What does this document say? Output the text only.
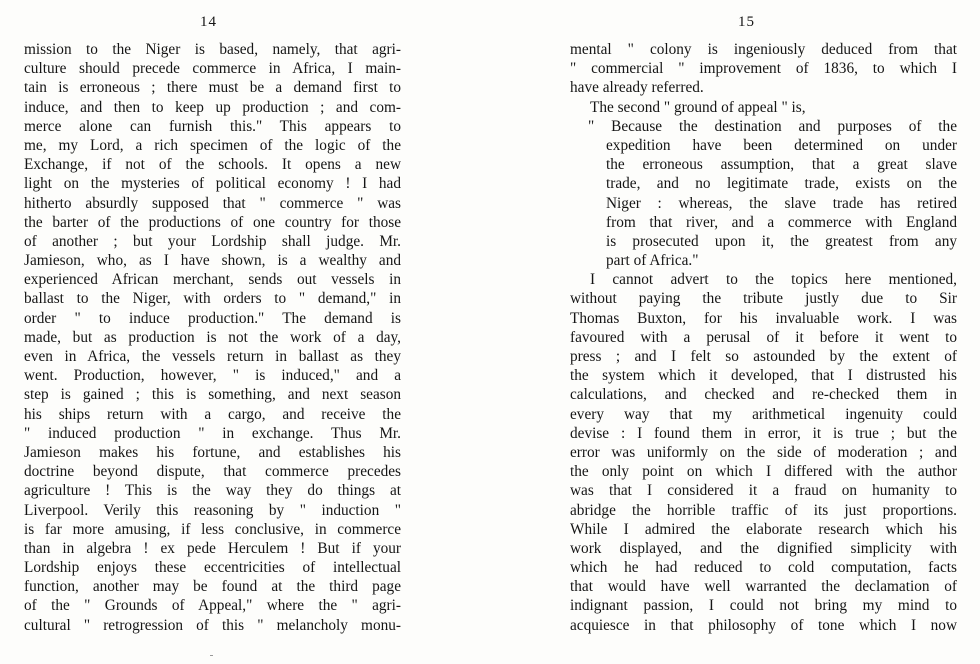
14
mission to the Niger is based, namely, that agri-
culture should precede commerce in Africa, I main-
tain is erroneous ; there must be a demand first to
induce, and then to keep up production ; and com-
merce alone can furnish this." This appears to
me, my Lord, a rich specimen of the logic of the
Exchange, if not of the schools. It opens a new
light on the mysteries of political economy ! I had
hitherto absurdly supposed that " commerce " was
the barter of the productions of one country for those
of another ; but your Lordship shall judge. Mr.
Jamieson, who, as I have shown, is a wealthy and
experienced African merchant, sends out vessels in
ballast to the Niger, with orders to " demand," in
order " to induce production." The demand is
made, but as production is not the work of a day,
even in Africa, the vessels return in ballast as they
went. Production, however, " is induced," and a
step is gained ; this is something, and next season
his ships return with a cargo, and receive the
" induced production " in exchange. Thus Mr.
Jamieson makes his fortune, and establishes his
doctrine beyond dispute, that commerce precedes
agriculture ! This is the way they do things at
Liverpool. Verily this reasoning by " induction "
is far more amusing, if less conclusive, in commerce
than in algebra ! ex pede Herculem ! But if your
Lordship enjoys these eccentricities of intellectual
function, another may be found at the third page
of the " Grounds of Appeal," where the " agri-
cultural " retrogression of this " melancholy monu-
15
mental " colony is ingeniously deduced from that
" commercial " improvement of 1836, to which I
have already referred.
The second " ground of appeal " is,
" Because the destination and purposes of the
expedition have been determined on under
the erroneous assumption, that a great slave
trade, and no legitimate trade, exists on the
Niger : whereas, the slave trade has retired
from that river, and a commerce with England
is prosecuted upon it, the greatest from any
part of Africa."
I cannot advert to the topics here mentioned,
without paying the tribute justly due to Sir
Thomas Buxton, for his invaluable work. I was
favoured with a perusal of it before it went to
press ; and I felt so astounded by the extent of
the system which it developed, that I distrusted his
calculations, and checked and re-checked them in
every way that my arithmetical ingenuity could
devise : I found them in error, it is true ; but the
error was uniformly on the side of moderation ; and
the only point on which I differed with the author
was that I considered it a fraud on humanity to
abridge the horrible traffic of its just proportions.
While I admired the elaborate research which his
work displayed, and the dignified simplicity with
which he had reduced to cold computation, facts
that would have well warranted the declamation of
indignant passion, I could not bring my mind to
acquiesce in that philosophy of tone which I now
